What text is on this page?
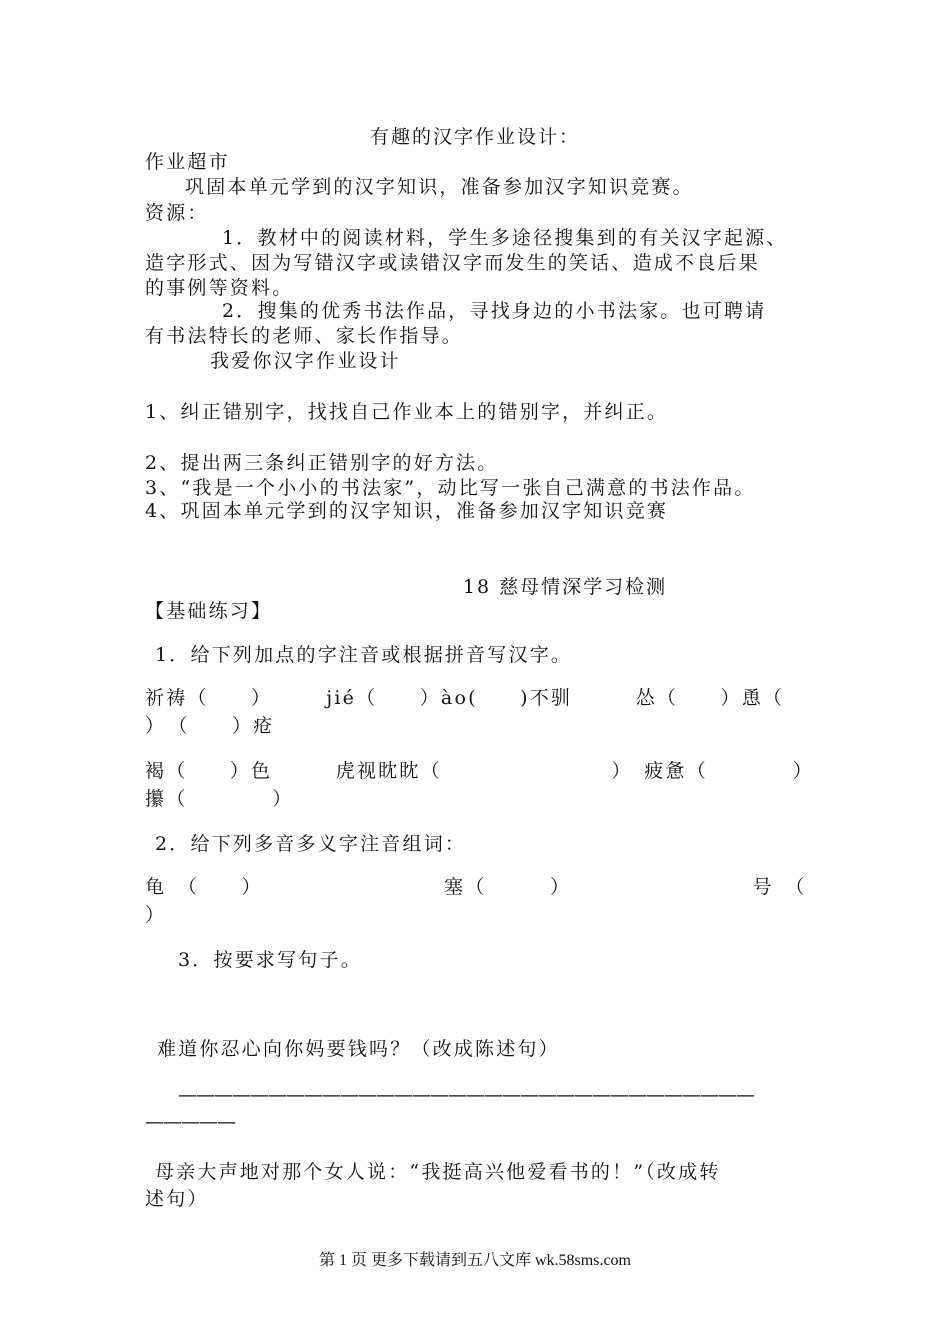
有趣的汉字作业设计：
作业超市
巩固本单元学到的汉字知识，准备参加汉字知识竞赛。
资源：
1．教材中的阅读材料，学生多途径搜集到的有关汉字起源、
造字形式、因为写错汉字或读错汉字而发生的笑话、造成不良后果
的事例等资料。
2．搜集的优秀书法作品，寻找身边的小书法家。也可聘请
有书法特长的老师、家长作指导。
我爱你汉字作业设计
1、纠正错别字，找找自己作业本上的错别字，并纠正。
2、提出两三条纠正错别字的好方法。
3、“我是一个小小的书法家”，动比写一张自己满意的书法作品。
4、巩固本单元学到的汉字知识，准备参加汉字知识竞赛
18 慈母情深学习检测
【基础练习】
1．给下列加点的字注音或根据拼音写汉字。
祈祷（　　）　　　jié（　　）ào(　　)不驯　　　怂（　　）恿（
）　（　　）疮
褐（　　）色　　　虎视眈眈（　　　　　　　　）　疲惫（　　　　）
攥（　　　　）
2．给下列多音多义字注音组词：
龟　（　　）　　　　　　　　　塞（　　　）　　　　　　　　　号　（
）
3．按要求写句子。
难道你忍心向你妈要钱吗？（改成陈述句）
————————————————————————————————
—————
母亲大声地对那个女人说：“我挺高兴他爱看书的！”（改成转
述句）
第 1 页 更多下载请到五八文库 wk.58sms.com
